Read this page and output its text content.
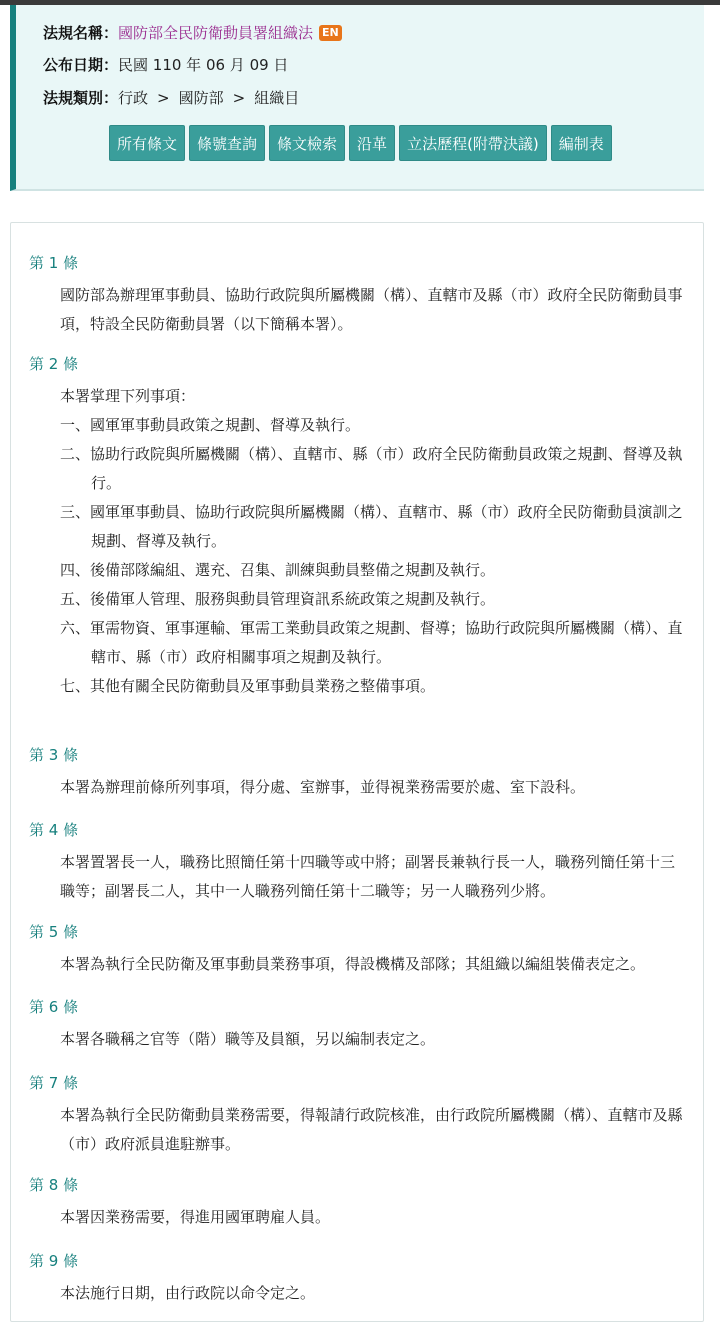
法規名稱：國防部全民防衛動員署組織法 EN
公布日期：民國 110 年 06 月 09 日
法規類別：行政 > 國防部 > 組織目
所有條文 條號查詢 條文檢索 沿革 立法歷程(附帶決議) 編制表
第 1 條

國防部為辦理軍事動員、協助行政院與所屬機關（構）、直轄市及縣（市）政府全民防衛動員事項，特設全民防衛動員署（以下簡稱本署）。

第 2 條

本署掌理下列事項：

一、國軍軍事動員政策之規劃、督導及執行。

二、協助行政院與所屬機關（構）、直轄市、縣（市）政府全民防衛動員政策之規劃、督導及執行。

三、國軍軍事動員、協助行政院與所屬機關（構）、直轄市、縣（市）政府全民防衛動員演訓之規劃、督導及執行。

四、後備部隊編組、選充、召集、訓練與動員整備之規劃及執行。

五、後備軍人管理、服務與動員管理資訊系統政策之規劃及執行。

六、軍需物資、軍事運輸、軍需工業動員政策之規劃、督導；協助行政院與所屬機關（構）、直轄市、縣（市）政府相關事項之規劃及執行。

七、其他有關全民防衛動員及軍事動員業務之整備事項。

第 3 條

本署為辦理前條所列事項，得分處、室辦事，並得視業務需要於處、室下設科。

第 4 條

本署置署長一人，職務比照簡任第十四職等或中將；副署長兼執行長一人，職務列簡任第十三職等；副署長二人，其中一人職務列簡任第十二職等；另一人職務列少將。

第 5 條

本署為執行全民防衛及軍事動員業務事項，得設機構及部隊；其組織以編組裝備表定之。

第 6 條

本署各職稱之官等（階）職等及員額，另以編制表定之。

第 7 條

本署為執行全民防衛動員業務需要，得報請行政院核准，由行政院所屬機關（構）、直轄市及縣（市）政府派員進駐辦事。

第 8 條

本署因業務需要，得進用國軍聘雇人員。

第 9 條

本法施行日期，由行政院以命令定之。
